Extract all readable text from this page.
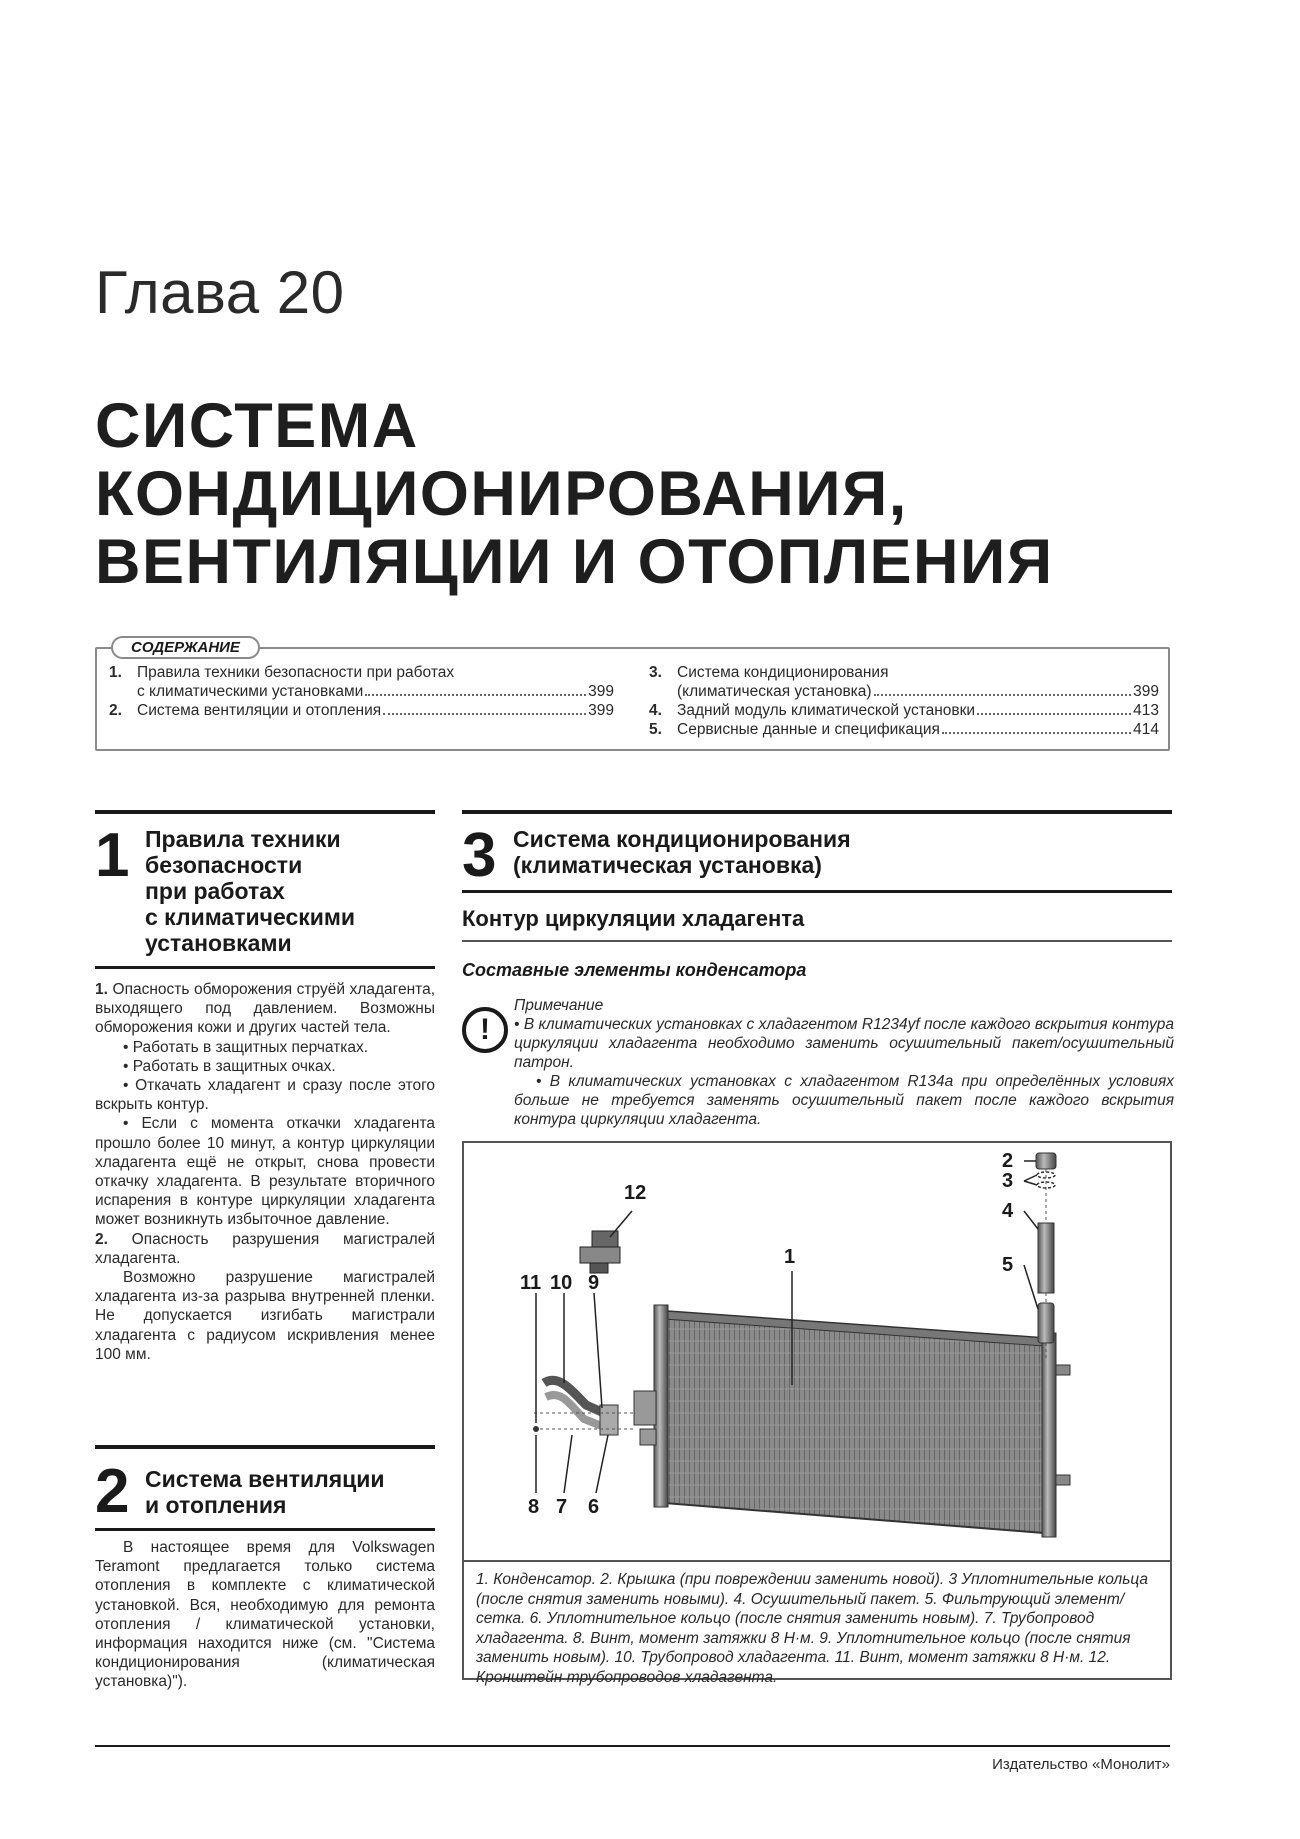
Глава 20
СИСТЕМА
КОНДИЦИОНИРОВАНИЯ,
ВЕНТИЛЯЦИИ И ОТОПЛЕНИЯ
СОДЕРЖАНИЕ
1. Правила техники безопасности при работах
с климатическими установками	399
2. Система вентиляции и отопления	399
3. Система кондиционирования
(климатическая установка)	399
4. Задний модуль климатической установки	413
5. Сервисные данные и спецификация	414
1 Правила техники
безопасности
при работах
с климатическими
установками

1. Опасность обморожения струёй хладагента, выходящего под давлением. Возможны обморожения кожи и других частей тела.

• Работать в защитных перчатках.

• Работать в защитных очках.

• Откачать хладагент и сразу после этого вскрыть контур.

• Если с момента откачки хладагента прошло более 10 минут, а контур циркуляции хладагента ещё не открыт, снова провести откачку хладагента. В результате вторичного испарения в контуре циркуляции хладагента может возникнуть избыточное давление.

2. Опасность разрушения магистралей хладагента.

Возможно разрушение магистралей хладагента из-за разрыва внутренней пленки. Не допускается изгибать магистрали хладагента с радиусом искривления менее 100 мм.

2 Система вентиляции
и отопления

В настоящее время для Volkswagen Teramont предлагается только система отопления в комплекте с климатической установкой. Вся, необходимую для ремонта отопления / климатической установки, информация находится ниже (см. "Система кондиционирования (климатическая установка)").

3 Система кондиционирования
(климатическая установка)
Контур циркуляции хладагента
Составные элементы конденсатора
!
Примечание
• В климатических установках с хладагентом R1234yf после каждого вскрытия контура циркуляции хладагента необходимо заменить осушительный пакет/осушительный патрон.
• В климатических установках с хладагентом R134a при определённых условиях больше не требуется заменять осушительный пакет после каждого вскрытия контура циркуляции хладагента.
1
2
3
4
5
6
7
8
9
10
11
12
1. Конденсатор. 2. Крышка (при повреждении заменить новой). 3 Уплотнительные кольца (после снятия заменить новыми). 4. Осушительный пакет. 5. Фильтрующий элемент/сетка. 6. Уплотнительное кольцо (после снятия заменить новым). 7. Трубопровод хладагента. 8. Винт, момент затяжки 8 Н·м. 9. Уплотнительное кольцо (после снятия заменить новым). 10. Трубопровод хладагента. 11. Винт, момент затяжки 8 Н·м. 12. Кронштейн трубопроводов хладагента.
Издательство «Монолит»
